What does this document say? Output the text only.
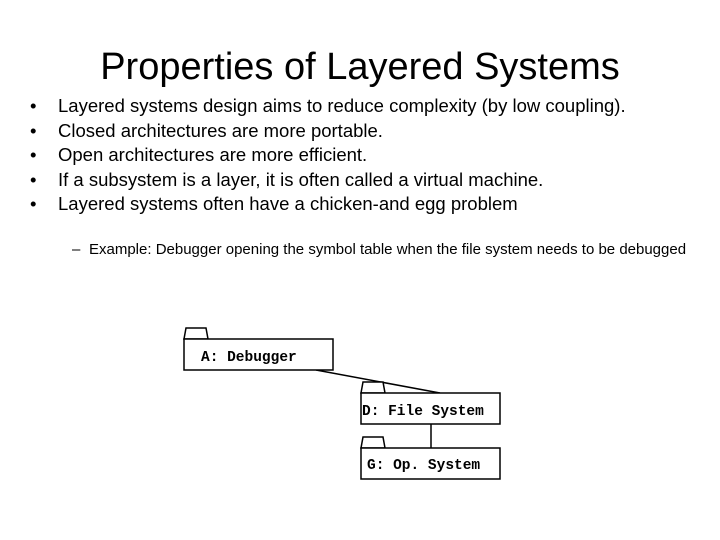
Properties of Layered Systems
• Layered systems design aims to reduce complexity (by low coupling).
• Closed architectures are more portable.
• Open architectures are more efficient.
• If a subsystem is a layer, it is often called a virtual machine.
• Layered systems often have a chicken-and egg problem
– Example: Debugger opening the symbol table when the file system needs to be debugged
A: Debugger
D: File System
G: Op. System
